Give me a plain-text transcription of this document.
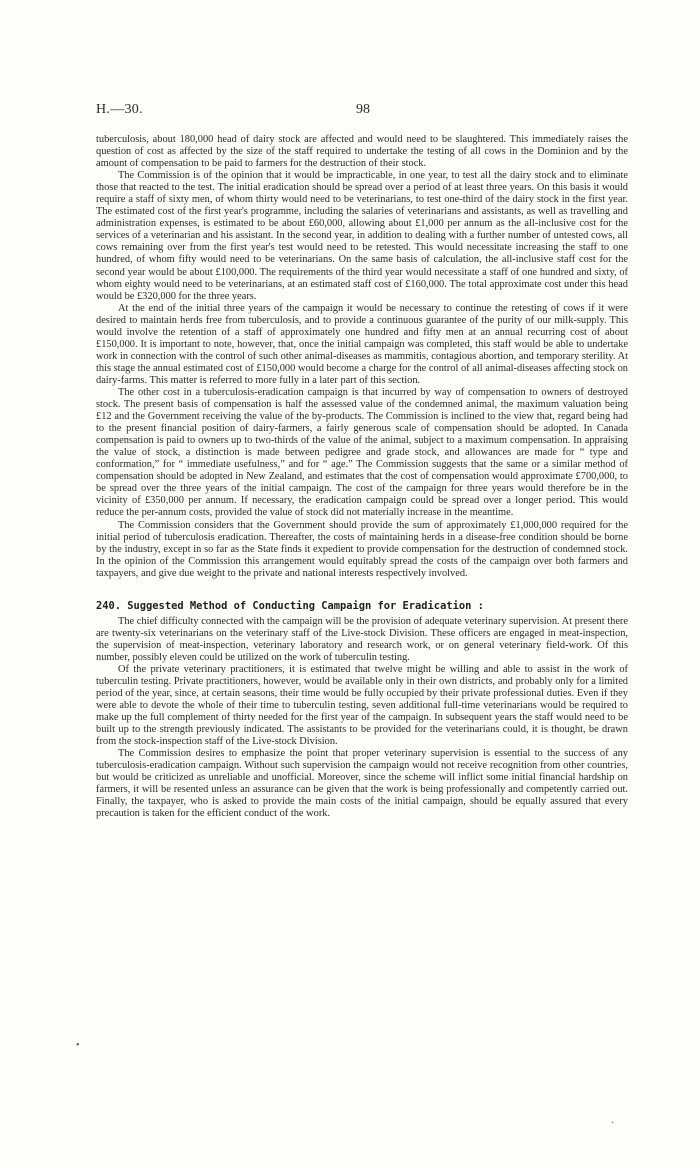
H.—30.	98

tuberculosis, about 180,000 head of dairy stock are affected and would need to be slaughtered. This immediately raises the question of cost as affected by the size of the staff required to undertake the testing of all cows in the Dominion and by the amount of compensation to be paid to farmers for the destruction of their stock.

The Commission is of the opinion that it would be impracticable, in one year, to test all the dairy stock and to eliminate those that reacted to the test. The initial eradication should be spread over a period of at least three years. On this basis it would require a staff of sixty men, of whom thirty would need to be veterinarians, to test one-third of the dairy stock in the first year. The estimated cost of the first year's programme, including the salaries of veterinarians and assistants, as well as travelling and administration expenses, is estimated to be about £60,000, allowing about £1,000 per annum as the all-inclusive cost for the services of a veterinarian and his assistant. In the second year, in addition to dealing with a further number of untested cows, all cows remaining over from the first year's test would need to be retested. This would necessitate increasing the staff to one hundred, of whom fifty would need to be veterinarians. On the same basis of calculation, the all-inclusive staff cost for the second year would be about £100,000. The requirements of the third year would necessitate a staff of one hundred and sixty, of whom eighty would need to be veterinarians, at an estimated staff cost of £160,000. The total approximate cost under this head would be £320,000 for the three years.

At the end of the initial three years of the campaign it would be necessary to continue the retesting of cows if it were desired to maintain herds free from tuberculosis, and to provide a continuous guarantee of the purity of our milk-supply. This would involve the retention of a staff of approximately one hundred and fifty men at an annual recurring cost of about £150,000. It is important to note, however, that, once the initial campaign was completed, this staff would be able to undertake work in connection with the control of such other animal-diseases as mammitis, contagious abortion, and temporary sterility. At this stage the annual estimated cost of £150,000 would become a charge for the control of all animal-diseases affecting stock on dairy-farms. This matter is referred to more fully in a later part of this section.

The other cost in a tuberculosis-eradication campaign is that incurred by way of compensation to owners of destroyed stock. The present basis of compensation is half the assessed value of the condemned animal, the maximum valuation being £12 and the Government receiving the value of the by-products. The Commission is inclined to the view that, regard being had to the present financial position of dairy-farmers, a fairly generous scale of compensation should be adopted. In Canada compensation is paid to owners up to two-thirds of the value of the animal, subject to a maximum compensation. In appraising the value of stock, a distinction is made between pedigree and grade stock, and allowances are made for “ type and conformation,” for “ immediate usefulness,” and for “ age.” The Commission suggests that the same or a similar method of compensation should be adopted in New Zealand, and estimates that the cost of compensation would approximate £700,000, to be spread over the three years of the initial campaign. The cost of the campaign for three years would therefore be in the vicinity of £350,000 per annum. If necessary, the eradication campaign could be spread over a longer period. This would reduce the per-annum costs, provided the value of stock did not materially increase in the meantime.

The Commission considers that the Government should provide the sum of approximately £1,000,000 required for the initial period of tuberculosis eradication. Thereafter, the costs of maintaining herds in a disease-free condition should be borne by the industry, except in so far as the State finds it expedient to provide compensation for the destruction of condemned stock. In the opinion of the Commission this arrangement would equitably spread the costs of the campaign over both farmers and taxpayers, and give due weight to the private and national interests respectively involved.

240. Suggested Method of Conducting Campaign for Eradication :

The chief difficulty connected with the campaign will be the provision of adequate veterinary supervision. At present there are twenty-six veterinarians on the veterinary staff of the Live-stock Division. These officers are engaged in meat-inspection, the supervision of meat-inspection, veterinary laboratory and research work, or on general veterinary field-work. Of this number, possibly eleven could be utilized on the work of tuberculin testing.

Of the private veterinary practitioners, it is estimated that twelve might be willing and able to assist in the work of tuberculin testing. Private practitioners, however, would be available only in their own districts, and probably only for a limited period of the year, since, at certain seasons, their time would be fully occupied by their private professional duties. Even if they were able to devote the whole of their time to tuberculin testing, seven additional full-time veterinarians would be required to make up the full complement of thirty needed for the first year of the campaign. In subsequent years the staff would need to be built up to the strength previously indicated. The assistants to be provided for the veterinarians could, it is thought, be drawn from the stock-inspection staff of the Live-stock Division.

The Commission desires to emphasize the point that proper veterinary supervision is essential to the success of any tuberculosis-eradication campaign. Without such supervision the campaign would not receive recognition from other countries, but would be criticized as unreliable and unofficial. Moreover, since the scheme will inflict some initial financial hardship on farmers, it will be resented unless an assurance can be given that the work is being professionally and competently carried out. Finally, the taxpayer, who is asked to provide the main costs of the initial campaign, should be equally assured that every precaution is taken for the efficient conduct of the work.

•
·
